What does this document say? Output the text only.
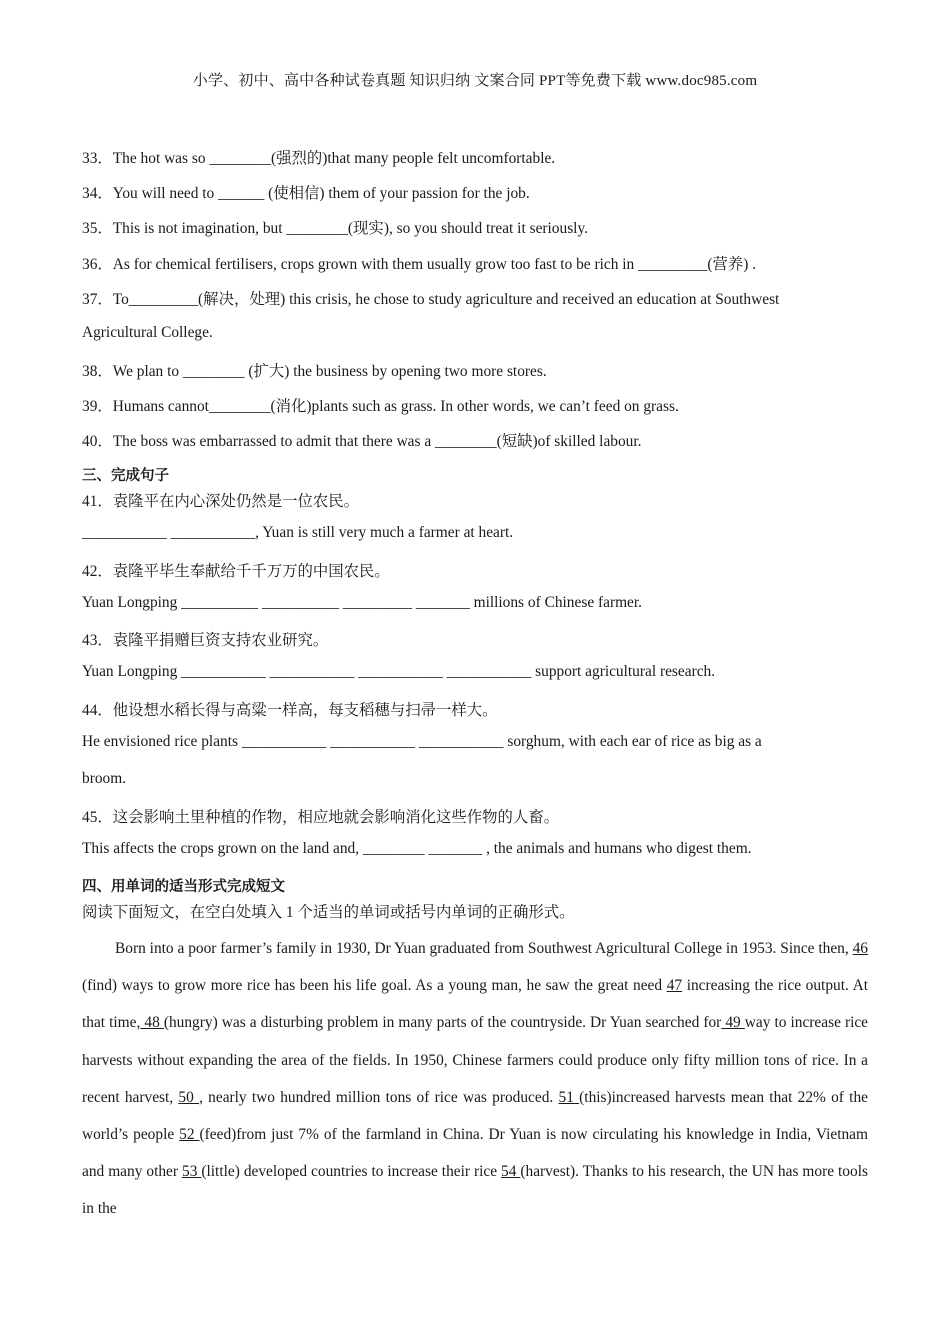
小学、初中、高中各种试卷真题 知识归纳 文案合同 PPT等免费下载 www.doc985.com
33．The hot was so ________(强烈的)that many people felt uncomfortable.
34．You will need to ______ (使相信) them of your passion for the job.
35．This is not imagination, but ________(现实), so you should treat it seriously.
36．As for chemical fertilisers, crops grown with them usually grow too fast to be rich in _________(营养) .
37．To_________(解决，处理) this crisis, he chose to study agriculture and received an education at Southwest
Agricultural College.
38．We plan to ________ (扩大) the business by opening two more stores.
39．Humans cannot________(消化)plants such as grass. In other words, we can’t feed on grass.
40．The boss was embarrassed to admit that there was a ________(短缺)of skilled labour.
三、完成句子
41．袁隆平在内心深处仍然是一位农民。
___________ ___________, Yuan is still very much a farmer at heart.
42．袁隆平毕生奉献给千千万万的中国农民。
Yuan Longping __________ __________ _________ _______ millions of Chinese farmer.
43．袁隆平捐赠巨资支持农业研究。
Yuan Longping ___________ ___________ ___________ ___________ support agricultural research.
44．他设想水稻长得与高粱一样高，每支稻穗与扫帚一样大。
He envisioned rice plants ___________ ___________ ___________ sorghum, with each ear of rice as big as a
broom.
45．这会影响土里种植的作物，相应地就会影响消化这些作物的人畜。
This affects the crops grown on the land and, ________ _______ , the animals and humans who digest them.
四、用单词的适当形式完成短文
阅读下面短文，在空白处填入 1 个适当的单词或括号内单词的正确形式。
Born into a poor farmer’s family in 1930, Dr Yuan graduated from Southwest Agricultural College in 1953. Since then, 46 (find) ways to grow more rice has been his life goal. As a young man, he saw the great need 47 increasing the rice output. At that time, 48 (hungry) was a disturbing problem in many parts of the countryside. Dr Yuan searched for 49 way to increase rice harvests without expanding the area of the fields. In 1950, Chinese farmers could produce only fifty million tons of rice. In a recent harvest, 50 , nearly two hundred million tons of rice was produced. 51 (this)increased harvests mean that 22% of the world’s people 52 (feed)from just 7% of the farmland in China. Dr Yuan is now circulating his knowledge in India, Vietnam and many other 53 (little) developed countries to increase their rice 54 (harvest). Thanks to his research, the UN has more tools in the
